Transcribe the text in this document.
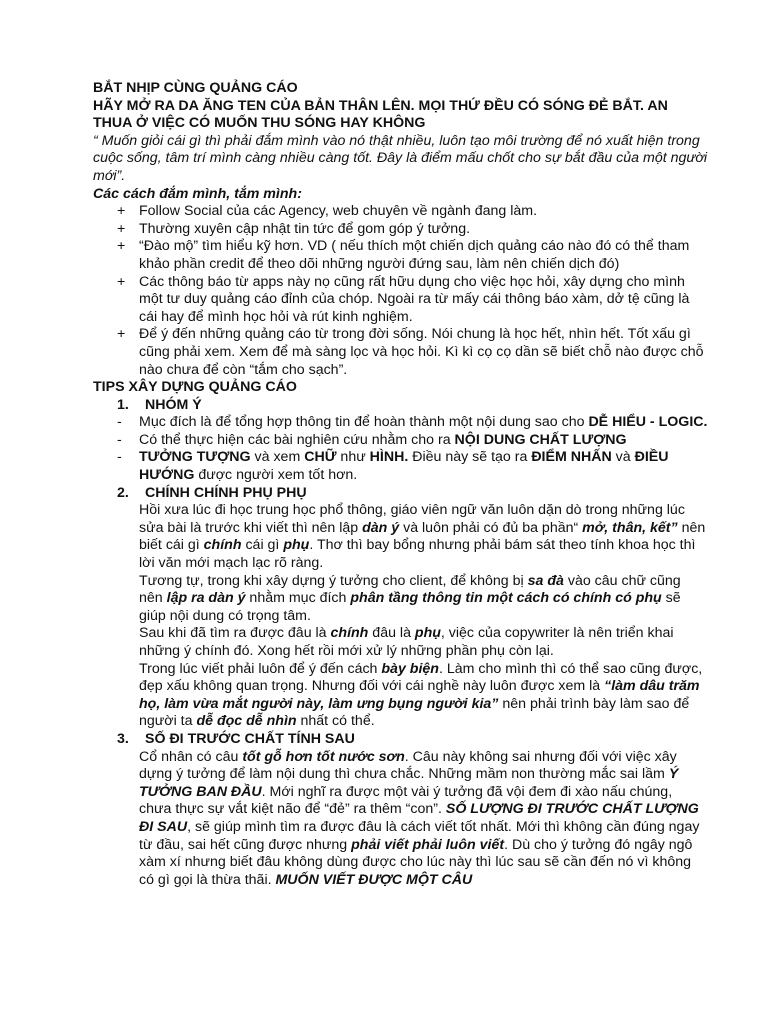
BẮT NHỊP CÙNG QUẢNG CÁO

HÃY MỞ RA DA ĂNG TEN CỦA BẢN THÂN LÊN. MỌI THỨ ĐỀU CÓ SÓNG ĐẺ BẮT. AN THUA Ở VIỆC CÓ MUỐN THU SÓNG HAY KHÔNG

“ Muốn giỏi cái gì thì phải đắm mình vào nó thật nhiều, luôn tạo môi trường để nó xuất hiện trong cuộc sống, tâm trí mình càng nhiều càng tốt. Đây là điểm mấu chốt cho sự bắt đầu của một người mới”.

Các cách đắm mình, tắm mình:

+ Follow Social của các Agency, web chuyên về ngành đang làm.
+ Thường xuyên cập nhật tin tức để gom góp ý tưởng.
+ “Đào mộ” tìm hiểu kỹ hơn. VD ( nếu thích một chiến dịch quảng cáo nào đó có thể tham khảo phần credit để theo dõi những người đứng sau, làm nên chiến dịch đó)
+ Các thông báo từ apps này nọ cũng rất hữu dụng cho việc học hỏi, xây dựng cho mình một tư duy quảng cáo đỉnh của chóp. Ngoài ra từ mấy cái thông báo xàm, dở tệ cũng là cái hay để mình học hỏi và rút kinh nghiệm.
+ Để ý đến những quảng cáo từ trong đời sống. Nói chung là học hết, nhìn hết. Tốt xấu gì cũng phải xem. Xem để mà sàng lọc và học hỏi. Kì kì cọ cọ dần sẽ biết chỗ nào được chỗ nào chưa để còn “tắm cho sạch”.

TIPS XÂY DỰNG QUẢNG CÁO

1. NHÓM Ý

- Mục đích là để tổng hợp thông tin để hoàn thành một nội dung sao cho DỄ HIỂU - LOGIC.
- Có thể thực hiện các bài nghiên cứu nhằm cho ra NỘI DUNG CHẤT LƯỢNG
- TƯỞNG TƯỢNG và xem CHỮ như HÌNH. Điều này sẽ tạo ra ĐIỂM NHẤN và ĐIỀU HƯỚNG được người xem tốt hơn.

2. CHÍNH CHÍNH PHỤ PHỤ

Hồi xưa lúc đi học trung học phổ thông, giáo viên ngữ văn luôn dặn dò trong những lúc sửa bài là trước khi viết thì nên lập dàn ý và luôn phải có đủ ba phần“ mở, thân, kết” nên biết cái gì chính cái gì phụ. Thơ thì bay bổng nhưng phải bám sát theo tính khoa học thì lời văn mới mạch lạc rõ ràng.

Tương tự, trong khi xây dựng ý tưởng cho client, để không bị sa đà vào câu chữ cũng nên lập ra dàn ý nhằm mục đích phân tầng thông tin một cách có chính có phụ sẽ giúp nội dung có trọng tâm.

Sau khi đã tìm ra được đâu là chính đâu là phụ, việc của copywriter là nên triển khai những ý chính đó. Xong hết rồi mới xử lý những phần phụ còn lại.

Trong lúc viết phải luôn để ý đến cách bày biện. Làm cho mình thì có thể sao cũng được, đẹp xấu không quan trọng. Nhưng đối với cái nghề này luôn được xem là “làm dâu trăm họ, làm vừa mắt người này, làm ưng bụng người kia” nên phải trình bày làm sao để người ta dễ đọc dễ nhìn nhất có thể.

3. SỐ ĐI TRƯỚC CHẤT TÍNH SAU

Cổ nhân có câu tốt gỗ hơn tốt nước sơn. Câu này không sai nhưng đối với việc xây dựng ý tưởng để làm nội dung thì chưa chắc. Những mầm non thường mắc sai lầm Ý TƯỞNG BAN ĐẦU. Mới nghĩ ra được một vài ý tưởng đã vội đem đi xào nấu chúng, chưa thực sự vắt kiệt não để “đẻ” ra thêm “con”. SỐ LƯỢNG ĐI TRƯỚC CHẤT LƯỢNG ĐI SAU, sẽ giúp mình tìm ra được đâu là cách viết tốt nhất. Mới thì không cần đúng ngay từ đầu, sai hết cũng được nhưng phải viết phải luôn viết. Dù cho ý tưởng đó ngây ngô xàm xí nhưng biết đâu không dùng được cho lúc này thì lúc sau sẽ cần đến nó vì không có gì gọi là thừa thãi. MUỐN VIẾT ĐƯỢC MỘT CÂU
